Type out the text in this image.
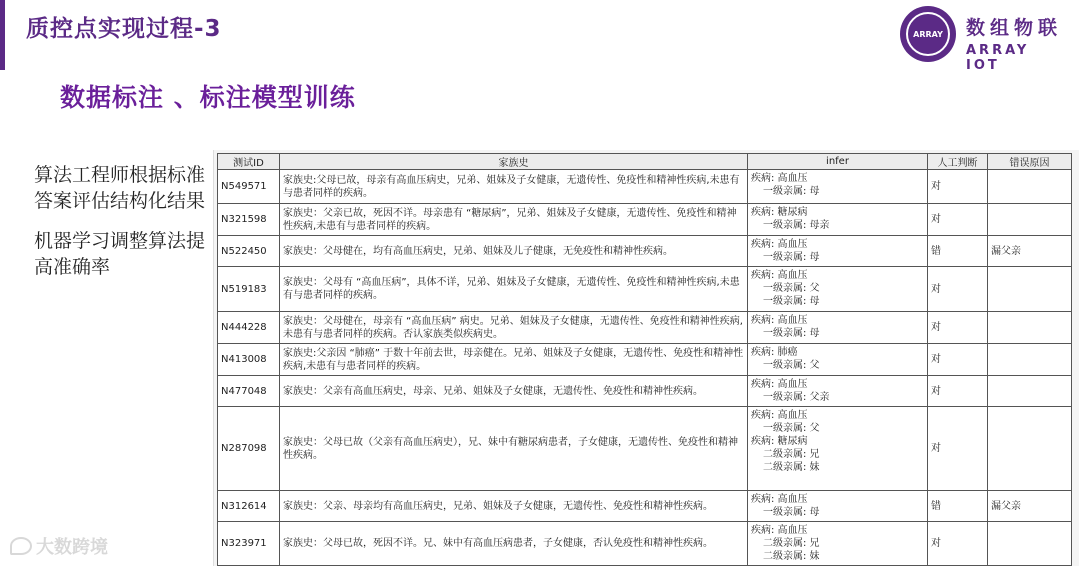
质控点实现过程-3
数据标注 、标注模型训练
ARRAY	数组物联
ARRAY IOT
算法工程师根据标准答案评估结构化结果
机器学习调整算法提高准确率
测试ID	家族史	infer	人工判断	错误原因
N549571	家族史:父母已故，母亲有高血压病史，兄弟、姐妹及子女健康，无遗传性、免疫性和精神性疾病,未患有与患者同样的疾病。	疾病: 高血压
一级亲属: 母	对	
N321598	家族史：父亲已故，死因不详。母亲患有 “糖尿病”，兄弟、姐妹及子女健康，无遗传性、免疫性和精神性疾病,未患有与患者同样的疾病。	疾病: 糖尿病
一级亲属: 母亲	对	
N522450	家族史：父母健在，均有高血压病史，兄弟、姐妹及儿子健康，无免疫性和精神性疾病。	疾病: 高血压
一级亲属: 母	错	漏父亲
N519183	家族史：父母有 “高血压病”，具体不详，兄弟、姐妹及子女健康，无遗传性、免疫性和精神性疾病,未患有与患者同样的疾病。	疾病: 高血压
一级亲属: 父
一级亲属: 母	对	
N444228	家族史：父母健在，母亲有 “高血压病” 病史。兄弟、姐妹及子女健康，无遗传性、免疫性和精神性疾病,未患有与患者同样的疾病。否认家族类似疾病史。	疾病: 高血压
一级亲属: 母	对	
N413008	家族史:父亲因 “肺癌” 于数十年前去世，母亲健在。兄弟、姐妹及子女健康，无遗传性、免疫性和精神性疾病,未患有与患者同样的疾病。	疾病: 肺癌
一级亲属: 父	对	
N477048	家族史：父亲有高血压病史，母亲、兄弟、姐妹及子女健康，无遗传性、免疫性和精神性疾病。	疾病: 高血压
一级亲属: 父亲	对	
N287098	家族史：父母已故（父亲有高血压病史），兄、妹中有糖尿病患者，子女健康，无遗传性、免疫性和精神性疾病。	疾病: 高血压
一级亲属: 父
疾病: 糖尿病
二级亲属: 兄
二级亲属: 妹	对	
N312614	家族史：父亲、母亲均有高血压病史，兄弟、姐妹及子女健康，无遗传性、免疫性和精神性疾病。	疾病: 高血压
一级亲属: 母	错	漏父亲
N323971	家族史：父母已故，死因不详。兄、妹中有高血压病患者，子女健康，否认免疫性和精神性疾病。	疾病: 高血压
二级亲属: 兄
二级亲属: 妹	对	
大数跨境
